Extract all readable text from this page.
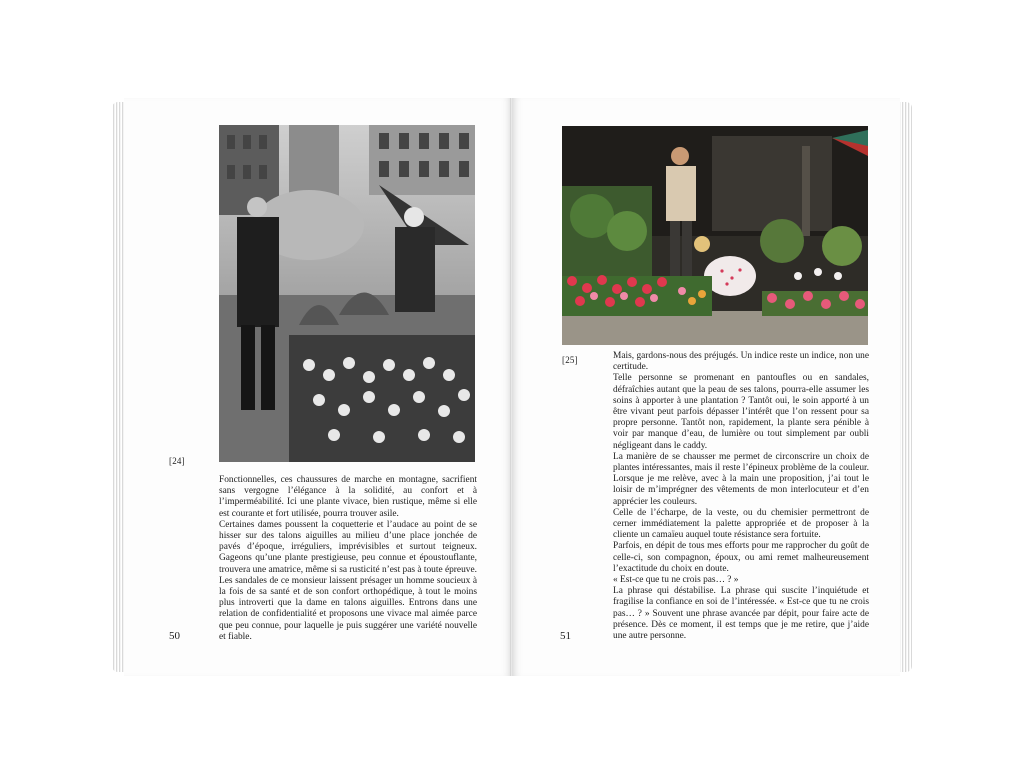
[24]

Fonctionnelles, ces chaussures de marche en montagne, sacrifient sans vergogne l’élégance à la solidité, au confort et à l’imperméabilité. Ici une plante vivace, bien rustique, même si elle est courante et fort utilisée, pourra trouver asile.

Certaines dames poussent la coquetterie et l’audace au point de se hisser sur des talons aiguilles au milieu d’une place jonchée de pavés d’époque, irréguliers, imprévisibles et surtout teigneux. Gageons qu’une plante prestigieuse, peu connue et époustouflante, trouvera une amatrice, même si sa rusticité n’est pas à toute épreuve.

Les sandales de ce monsieur laissent présager un homme soucieux à la fois de sa santé et de son confort orthopédique, à tout le moins plus introverti que la dame en talons aiguilles. Entrons dans une relation de confidentialité et proposons une vivace mal aimée parce que peu connue, pour laquelle je puis suggérer une variété nouvelle et fiable.

50
[25]	Mais, gardons-nous des préjugés. Un indice reste un indice, non une certitude.

Telle personne se promenant en pantoufles ou en sandales, défraîchies autant que la peau de ses talons, pourra-elle assumer les soins à apporter à une plantation ? Tantôt oui, le soin apporté à un être vivant peut parfois dépasser l’intérêt que l’on ressent pour sa propre personne. Tantôt non, rapidement, la plante sera pénible à voir par manque d’eau, de lumière ou tout simplement par oubli négligeant dans le caddy.

La manière de se chausser me permet de circonscrire un choix de plantes intéressantes, mais il reste l’épineux problème de la couleur. Lorsque je me relève, avec à la main une proposition, j’ai tout le loisir de m’imprégner des vêtements de mon interlocuteur et d’en apprécier les couleurs.

Celle de l’écharpe, de la veste, ou du chemisier permettront de cerner immédiatement la palette appropriée et de proposer à la cliente un camaïeu auquel toute résistance sera fortuite.

Parfois, en dépit de tous mes efforts pour me rapprocher du goût de celle-ci, son compagnon, époux, ou ami remet malheureusement l’exactitude du choix en doute.

« Est-ce que tu ne crois pas… ? »

La phrase qui déstabilise. La phrase qui suscite l’inquiétude et fragilise la confiance en soi de l’intéressée. « Est-ce que tu ne crois pas… ? » Souvent une phrase avancée par dépit, pour faire acte de présence. Dès ce moment, il est temps que je me retire, que j’aide une autre personne.

51
